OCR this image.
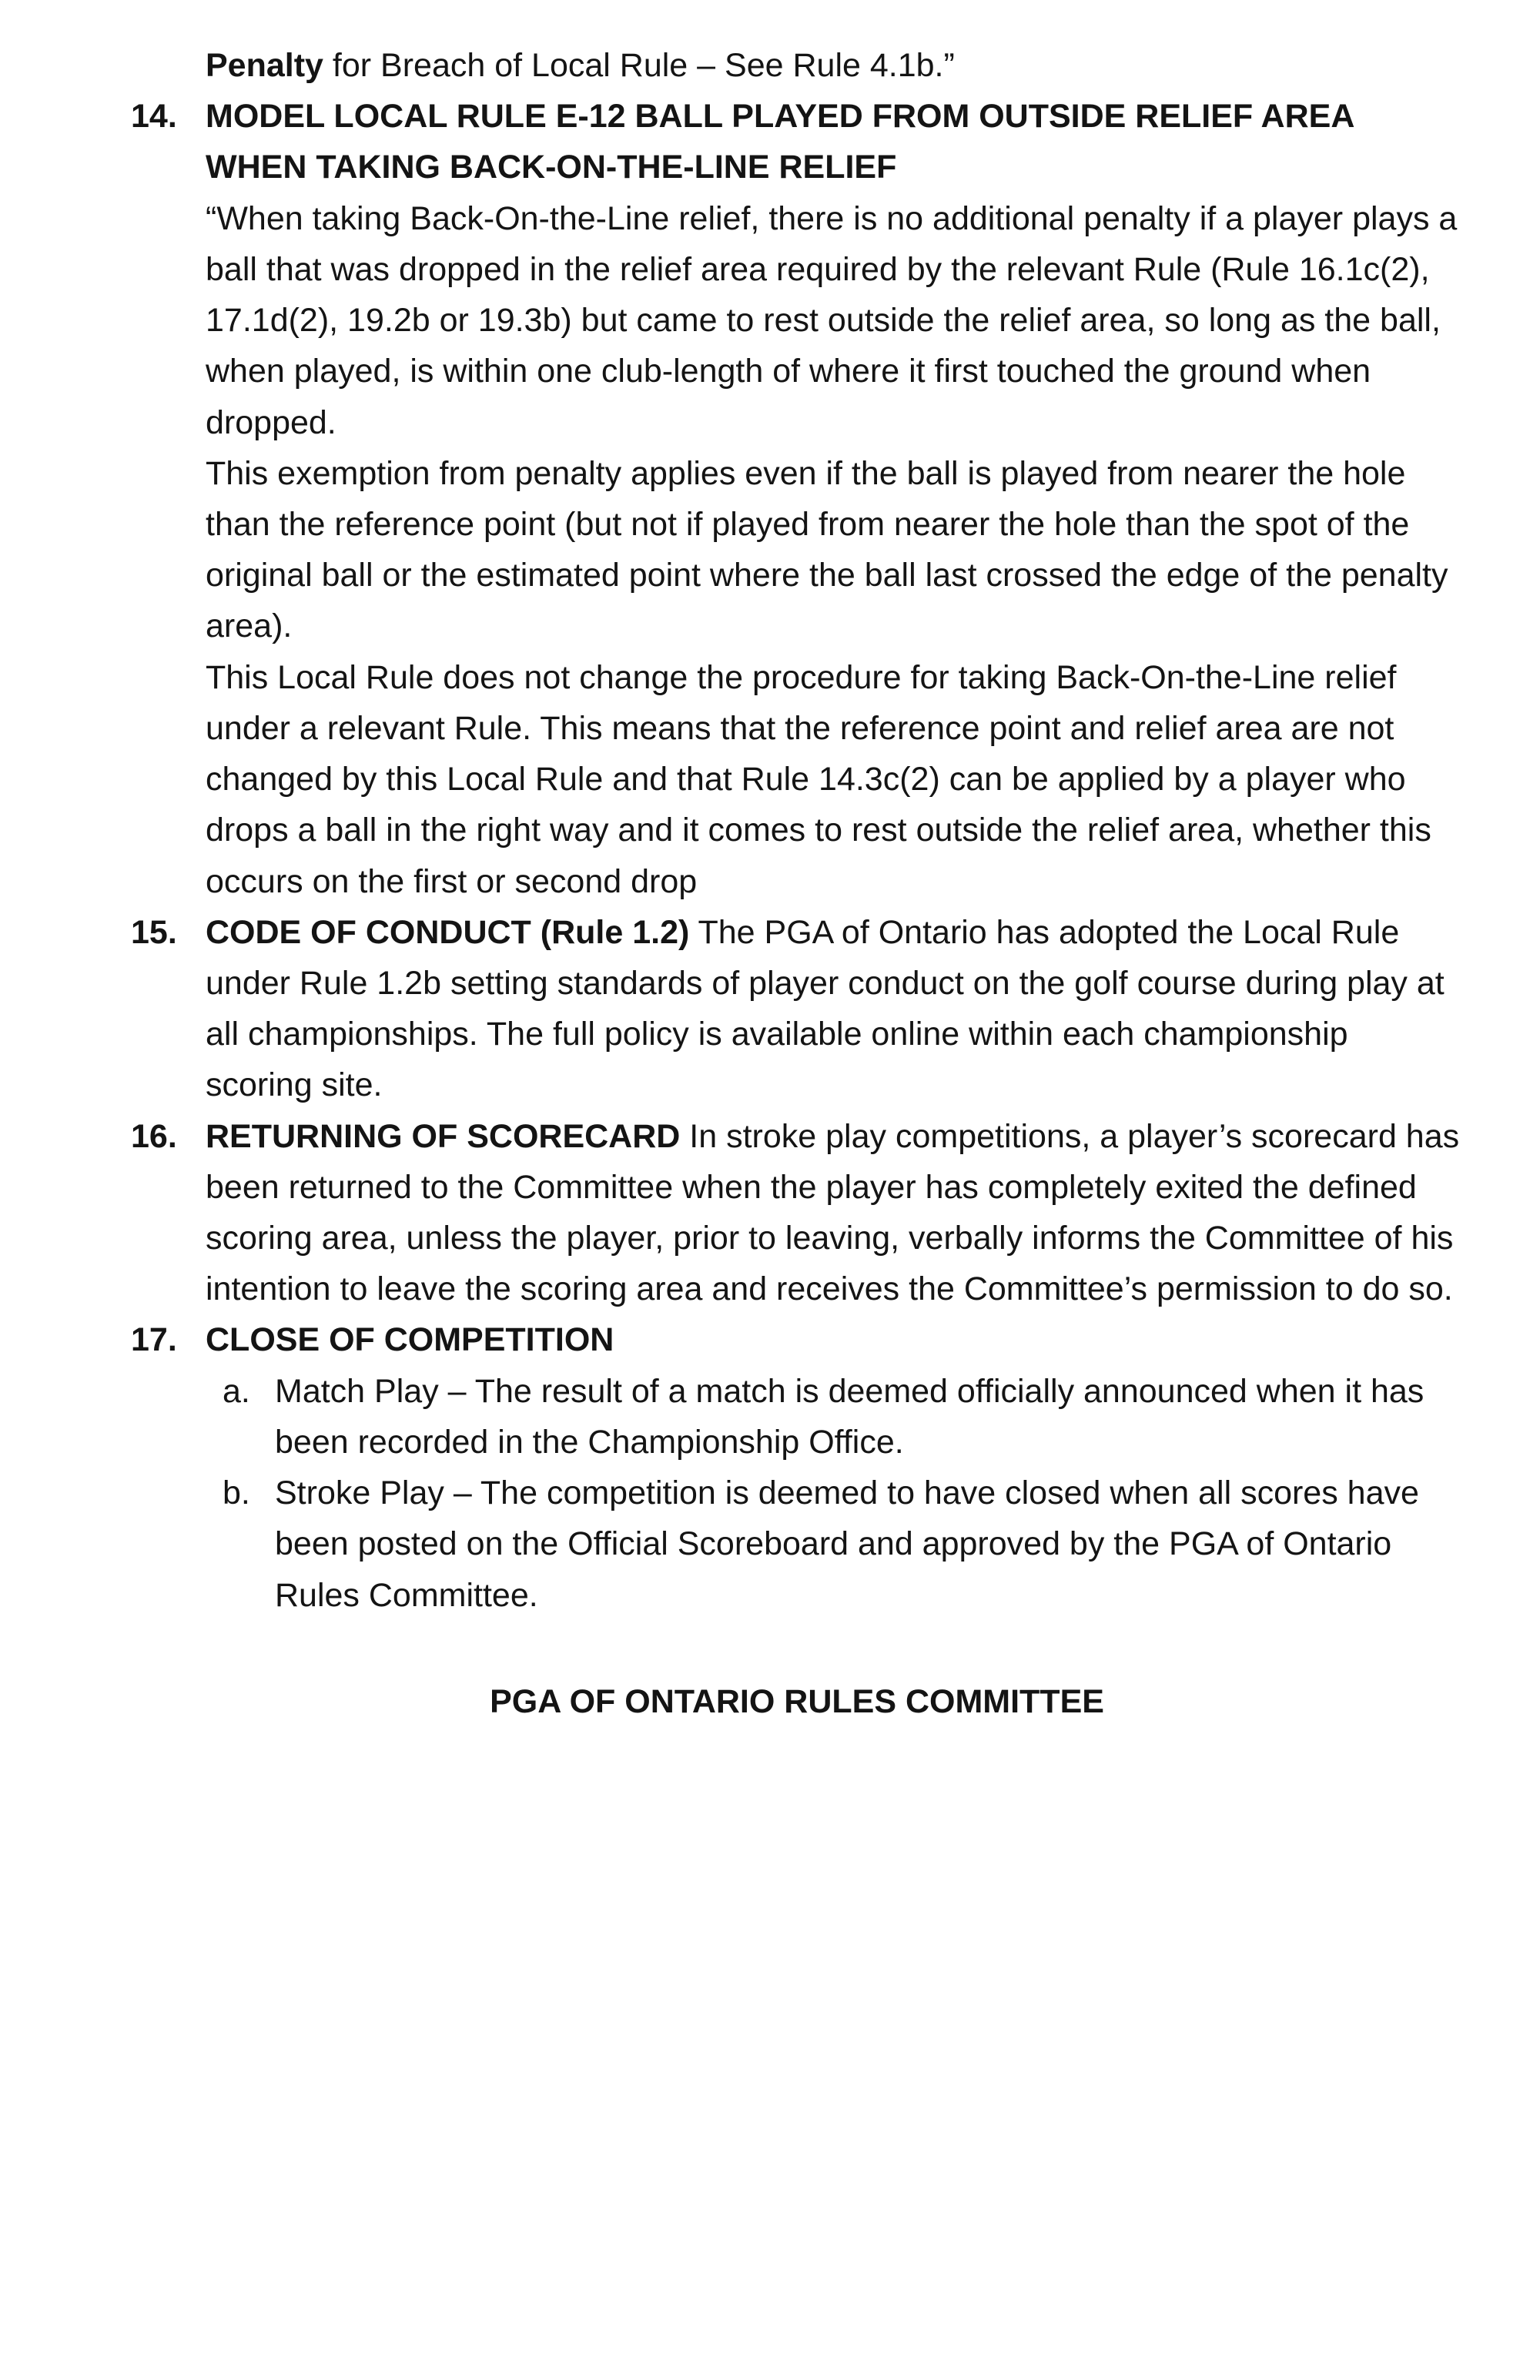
Penalty for Breach of Local Rule – See Rule 4.1b.”

14. MODEL LOCAL RULE E-12 BALL PLAYED FROM OUTSIDE RELIEF AREA WHEN TAKING BACK-ON-THE-LINE RELIEF

“When taking Back-On-the-Line relief, there is no additional penalty if a player plays a ball that was dropped in the relief area required by the relevant Rule (Rule 16.1c(2), 17.1d(2), 19.2b or 19.3b) but came to rest outside the relief area, so long as the ball, when played, is within one club-length of where it first touched the ground when dropped.

This exemption from penalty applies even if the ball is played from nearer the hole than the reference point (but not if played from nearer the hole than the spot of the original ball or the estimated point where the ball last crossed the edge of the penalty area).

This Local Rule does not change the procedure for taking Back-On-the-Line relief under a relevant Rule. This means that the reference point and relief area are not changed by this Local Rule and that Rule 14.3c(2) can be applied by a player who drops a ball in the right way and it comes to rest outside the relief area, whether this occurs on the first or second drop

15. CODE OF CONDUCT (Rule 1.2) The PGA of Ontario has adopted the Local Rule under Rule 1.2b setting standards of player conduct on the golf course during play at all championships. The full policy is available online within each championship scoring site.

16. RETURNING OF SCORECARD In stroke play competitions, a player’s scorecard has been returned to the Committee when the player has completely exited the defined scoring area, unless the player, prior to leaving, verbally informs the Committee of his intention to leave the scoring area and receives the Committee’s permission to do so.

17. CLOSE OF COMPETITION

a. Match Play – The result of a match is deemed officially announced when it has been recorded in the Championship Office.
b. Stroke Play – The competition is deemed to have closed when all scores have been posted on the Official Scoreboard and approved by the PGA of Ontario Rules Committee.

PGA OF ONTARIO RULES COMMITTEE
